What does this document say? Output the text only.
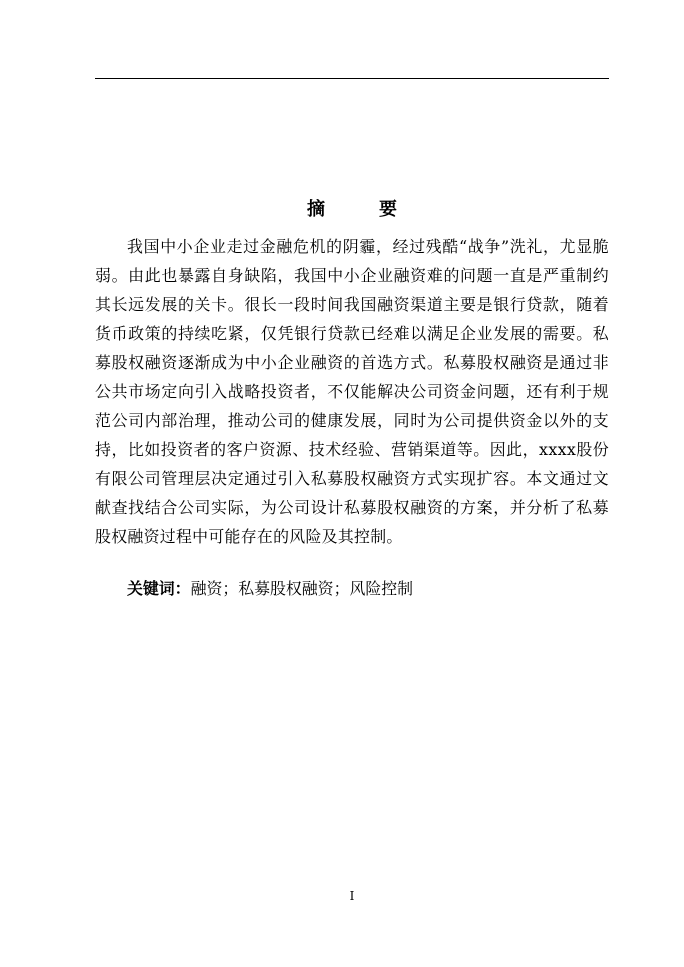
摘　要

我国中小企业走过金融危机的阴霾，经过残酷“战争”洗礼，尤显脆弱。由此也暴露自身缺陷，我国中小企业融资难的问题一直是严重制约其长远发展的关卡。很长一段时间我国融资渠道主要是银行贷款，随着货币政策的持续吃紧，仅凭银行贷款已经难以满足企业发展的需要。私募股权融资逐渐成为中小企业融资的首选方式。私募股权融资是通过非公共市场定向引入战略投资者，不仅能解决公司资金问题，还有利于规范公司内部治理，推动公司的健康发展，同时为公司提供资金以外的支持，比如投资者的客户资源、技术经验、营销渠道等。因此，xxxx股份有限公司管理层决定通过引入私募股权融资方式实现扩容。本文通过文献查找结合公司实际，为公司设计私募股权融资的方案，并分析了私募股权融资过程中可能存在的风险及其控制。

关键词：融资；私募股权融资；风险控制

I
